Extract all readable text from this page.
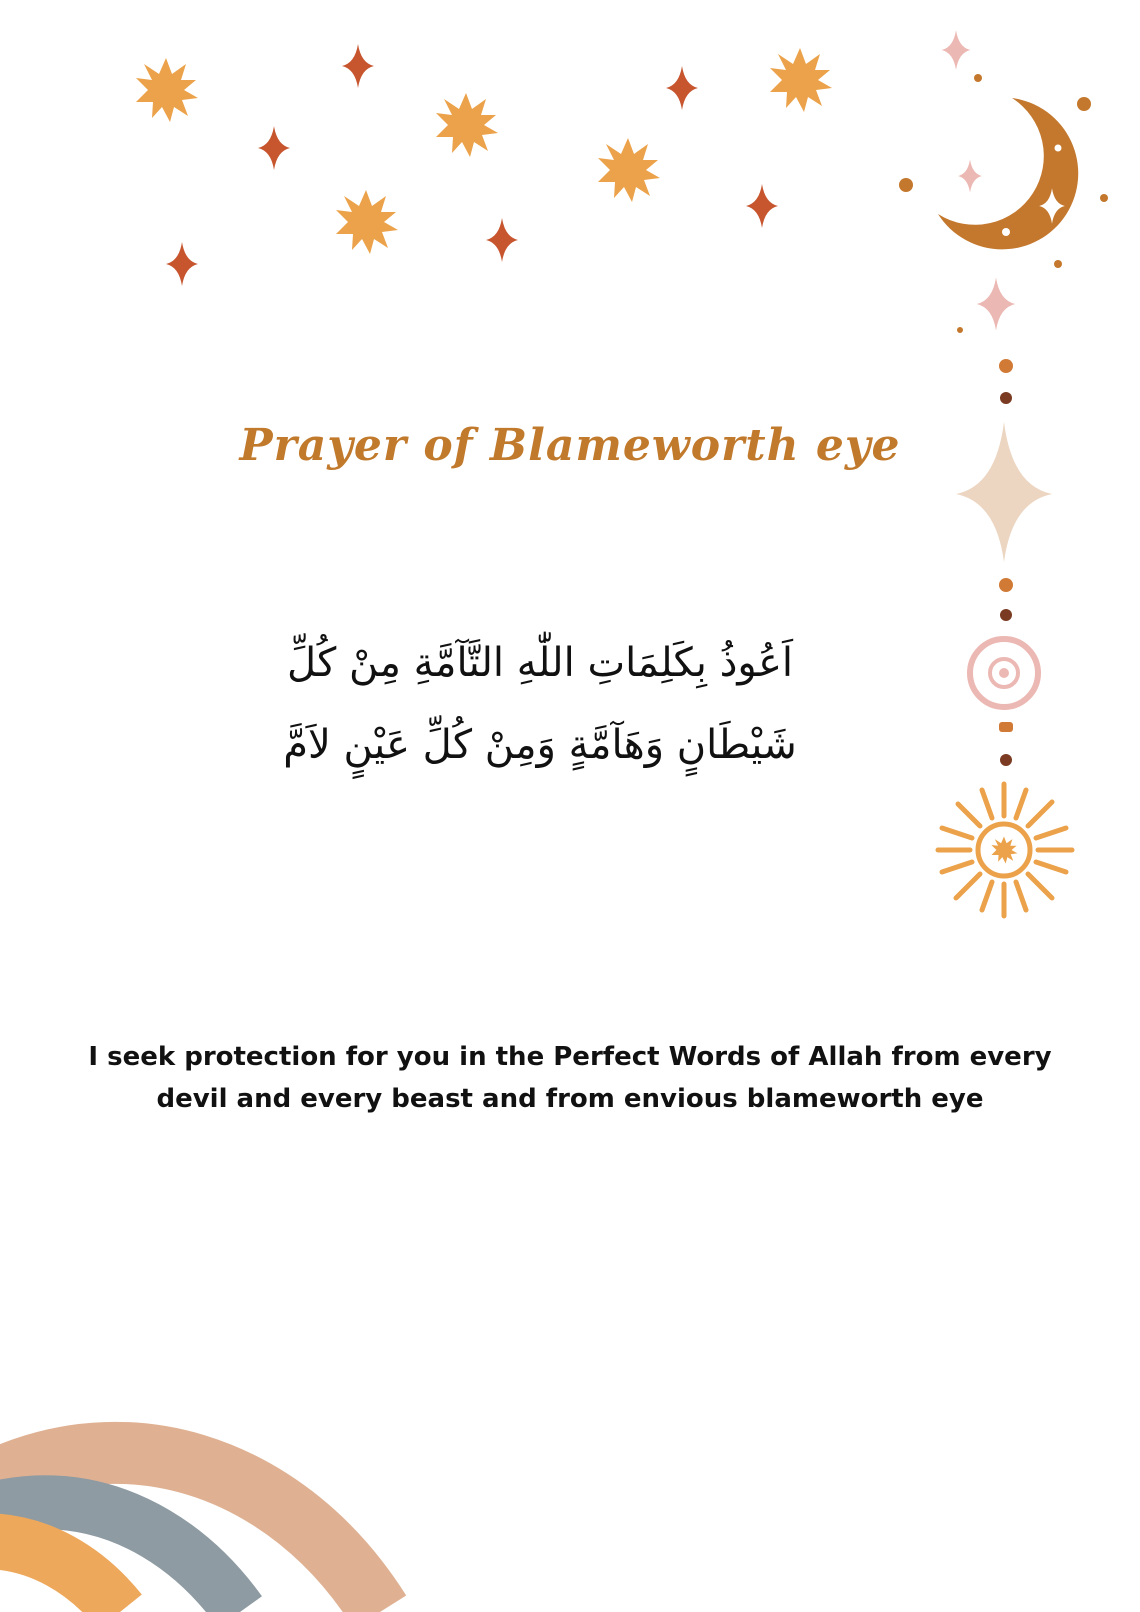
Prayer of Blameworth eye
اَعُوذُ بِكَلِمَاتِ اللّٰهِ التَّآمَّةِ مِنْ كُلِّ
شَيْطَانٍ وَهَآمَّةٍ وَمِنْ كُلِّ عَيْنٍ لاَمَّ
I seek protection for you in the Perfect Words of Allah from every
devil and every beast and from envious blameworth eye
